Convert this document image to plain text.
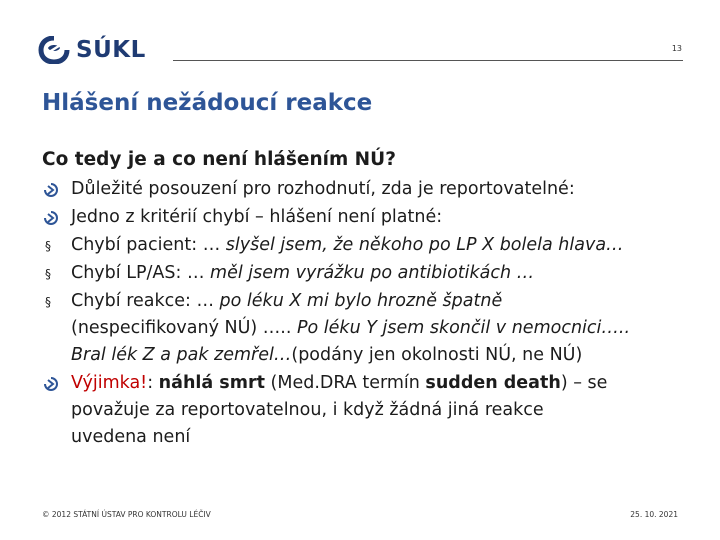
SÚKL	13
Hlášení nežádoucí reakce
Co tedy je a co není hlášením NÚ?
Důležité posouzení pro rozhodnutí, zda je reportovatelné:
Jedno z kritérií chybí – hlášení není platné:
§	Chybí pacient: … slyšel jsem, že někoho po LP X bolela hlava…
§	Chybí LP/AS: … měl jsem vyrážku po antibiotikách …
§	Chybí reakce: … po léku X mi bylo hrozně špatně
(nespecifikovaný NÚ) ….. Po léku Y jsem skončil v nemocnici…..
Bral lék Z a pak zemřel…(podány jen okolnosti NÚ, ne NÚ)
Výjimka!: náhlá smrt (Med.DRA termín sudden death) – se
považuje za reportovatelnou, i když žádná jiná reakce
uvedena není
© 2012 STÁTNÍ ÚSTAV PRO KONTROLU LÉČIV	25. 10. 2021
